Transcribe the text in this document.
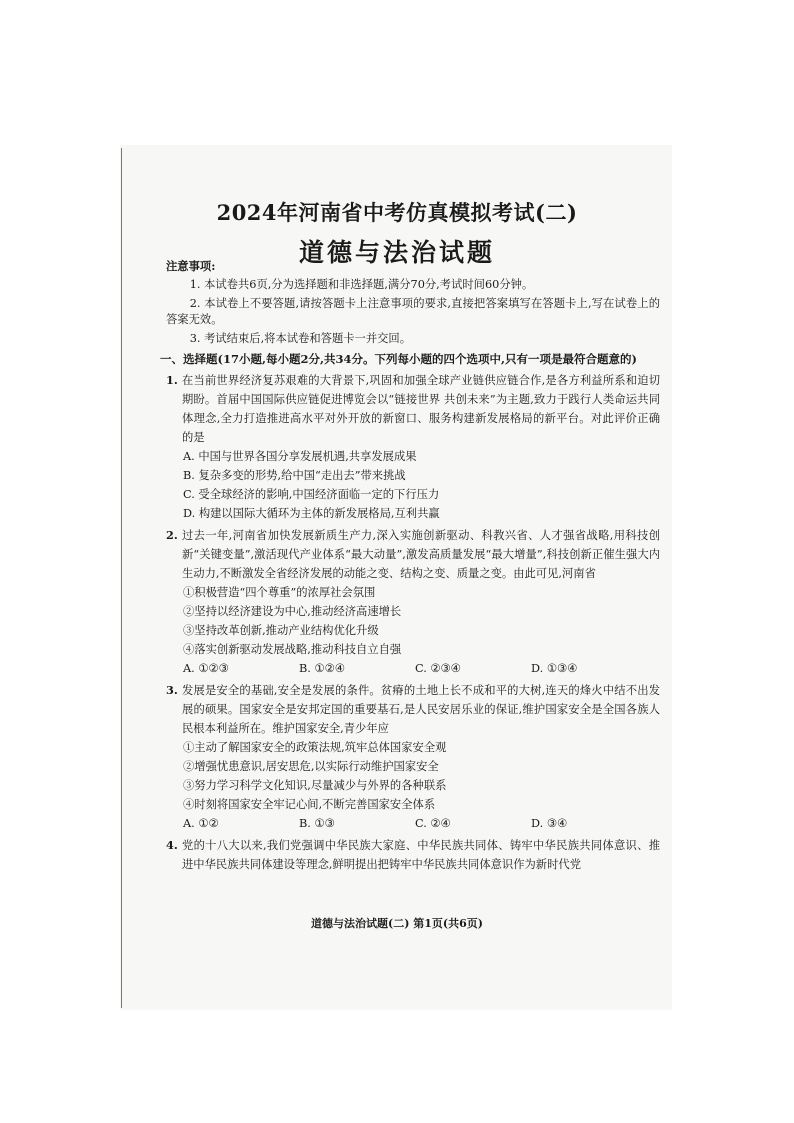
2024年河南省中考仿真模拟考试(二)
道德与法治试题

注意事项:

1. 本试卷共6页,分为选择题和非选择题,满分70分,考试时间60分钟。

2. 本试卷上不要答题,请按答题卡上注意事项的要求,直接把答案填写在答题卡上,写在试卷上的答案无效。

3. 考试结束后,将本试卷和答题卡一并交回。

一、选择题(17小题,每小题2分,共34分。下列每小题的四个选项中,只有一项是最符合题意的)
1. 在当前世界经济复苏艰难的大背景下,巩固和加强全球产业链供应链合作,是各方利益所系和迫切期盼。首届中国国际供应链促进博览会以“链接世界 共创未来”为主题,致力于践行人类命运共同体理念,全力打造推进高水平对外开放的新窗口、服务构建新发展格局的新平台。对此评价正确的是
A. 中国与世界各国分享发展机遇,共享发展成果
B. 复杂多变的形势,给中国“走出去”带来挑战
C. 受全球经济的影响,中国经济面临一定的下行压力
D. 构建以国际大循环为主体的新发展格局,互利共赢
2. 过去一年,河南省加快发展新质生产力,深入实施创新驱动、科教兴省、人才强省战略,用科技创新“关键变量”,激活现代产业体系“最大动量”,激发高质量发展“最大增量”,科技创新正催生强大内生动力,不断激发全省经济发展的动能之变、结构之变、质量之变。由此可见,河南省
①积极营造“四个尊重”的浓厚社会氛围
②坚持以经济建设为中心,推动经济高速增长
③坚持改革创新,推动产业结构优化升级
④落实创新驱动发展战略,推动科技自立自强
A. ①②③	B. ①②④	C. ②③④	D. ①③④
3. 发展是安全的基础,安全是发展的条件。贫瘠的土地上长不成和平的大树,连天的烽火中结不出发展的硕果。国家安全是安邦定国的重要基石,是人民安居乐业的保证,维护国家安全是全国各族人民根本利益所在。维护国家安全,青少年应
①主动了解国家安全的政策法规,筑牢总体国家安全观
②增强忧患意识,居安思危,以实际行动维护国家安全
③努力学习科学文化知识,尽量减少与外界的各种联系
④时刻将国家安全牢记心间,不断完善国家安全体系
A. ①②	B. ①③	C. ②④	D. ③④
4. 党的十八大以来,我们党强调中华民族大家庭、中华民族共同体、铸牢中华民族共同体意识、推进中华民族共同体建设等理念,鲜明提出把铸牢中华民族共同体意识作为新时代党
道德与法治试题(二) 第1页(共6页)
